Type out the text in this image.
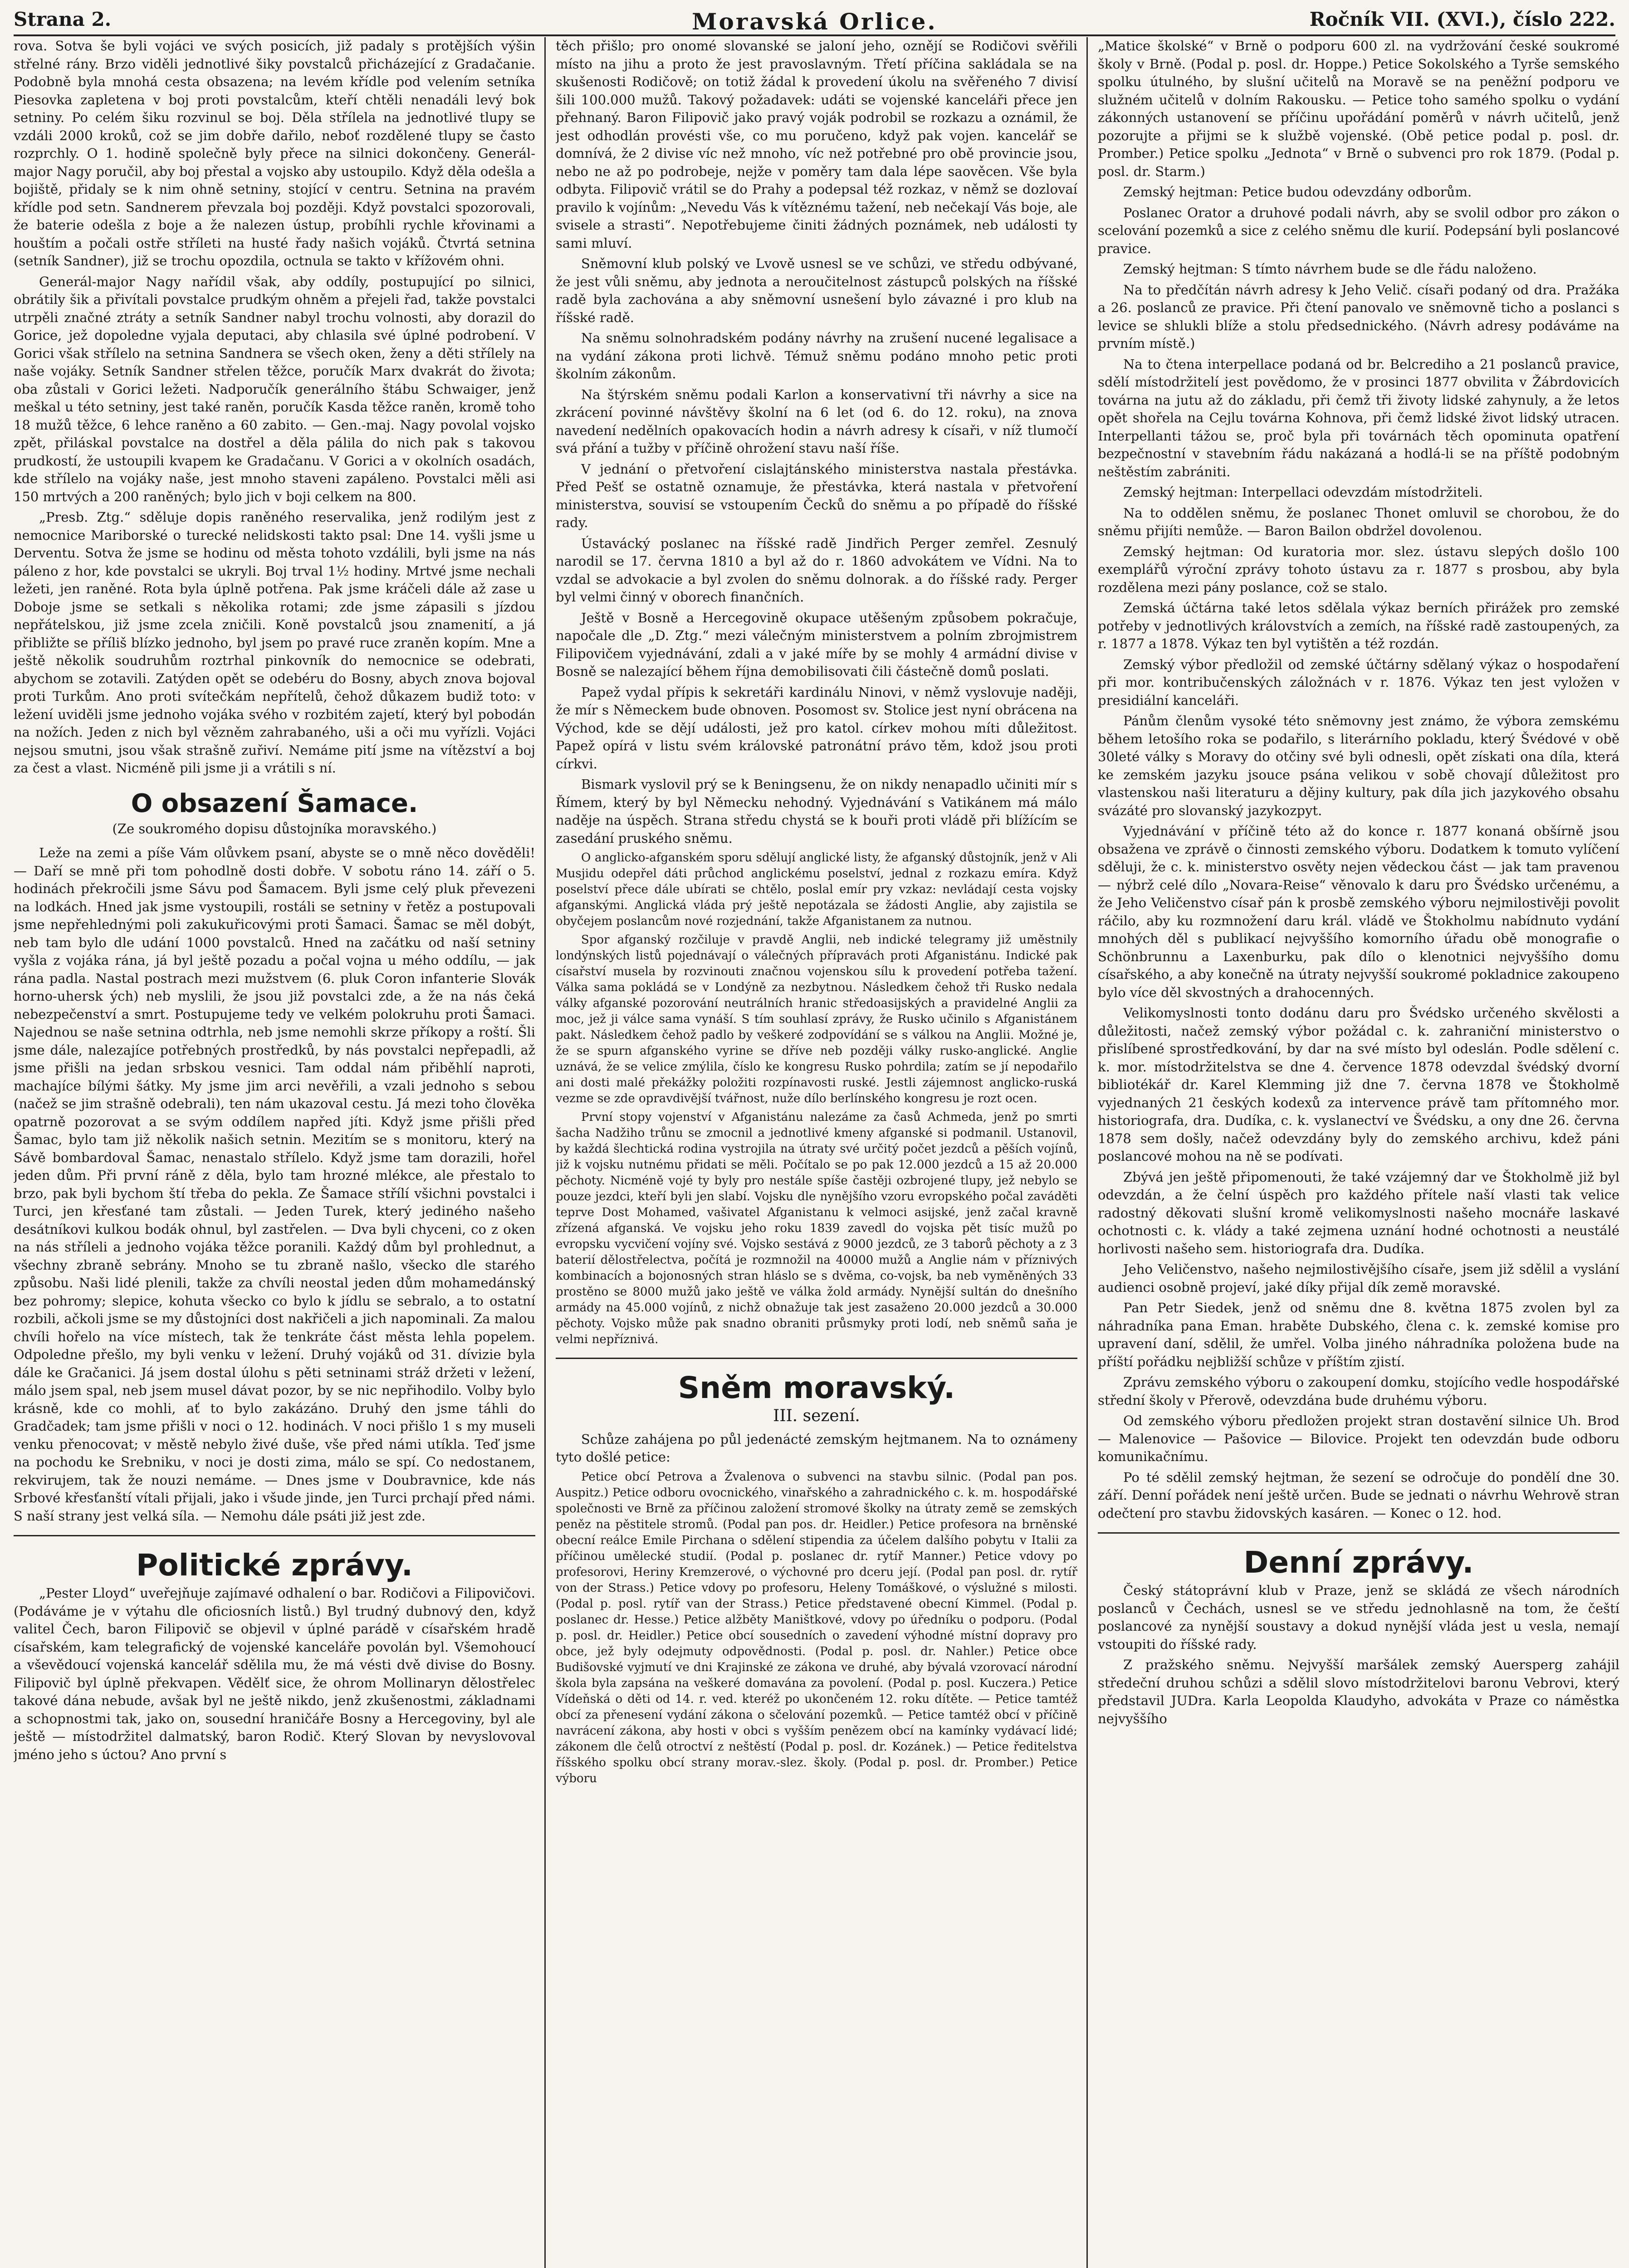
Strana 2.	Moravská Orlice.	Ročník VII. (XVI.), číslo 222.

rova. Sotva še byli vojáci ve svých posicích, již padaly s protějších výšin střelné rány. Brzo viděli jednotlivé šiky povstalců přicházející z Gradačanie. Podobně byla mnohá cesta obsazena; na levém křídle pod velením setníka Piesovka zapletena v boj proti povstalcům, kteří chtěli nenadáli levý bok setniny. Po celém šiku rozvinul se boj. Děla střílela na jednotlivé tlupy se vzdáli 2000 kroků, což se jim dobře dařilo, neboť rozdělené tlupy se často rozprchly. O 1. hodině společně byly přece na silnici dokončeny. Generál-major Nagy poručil, aby boj přestal a vojsko aby ustoupilo. Když děla odešla a bojiště, přidaly se k nim ohně setniny, stojící v centru. Setnina na pravém křídle pod setn. Sandnerem převzala boj později. Když povstalci spozorovali, že baterie odešla z boje a že nalezen ústup, probíhli rychle křovinami a houštím a počali ostře stříleti na husté řady našich vojáků. Čtvrtá setnina (setník Sandner), již se trochu opozdila, octnula se takto v křížovém ohni.

Generál-major Nagy nařídil však, aby oddíly, postupující po silnici, obrátily šik a přivítali povstalce prudkým ohněm a přejeli řad, takže povstalci utrpěli značné ztráty a setník Sandner nabyl trochu volnosti, aby dorazil do Gorice, jež dopoledne vyjala deputaci, aby chlasila své úplné podrobení. V Gorici však střílelo na setnina Sandnera se všech oken, ženy a děti střílely na naše vojáky. Setník Sandner střelen těžce, poručík Marx dvakrát do života; oba zůstali v Gorici ležeti. Nadporučík generálního štábu Schwaiger, jenž meškal u této setniny, jest také raněn, poručík Kasda těžce raněn, kromě toho 18 mužů těžce, 6 lehce raněno a 60 zabito. — Gen.-maj. Nagy povolal vojsko zpět, přiláskal povstalce na dostřel a děla pálila do nich pak s takovou prudkostí, že ustoupili kvapem ke Gradačanu. V Gorici a v okolních osadách, kde střílelo na vojáky naše, jest mnoho staveni zapáleno. Povstalci měli asi 150 mrtvých a 200 raněných; bylo jich v boji celkem na 800.

„Presb. Ztg.“ sděluje dopis raněného reservalika, jenž rodilým jest z nemocnice Mariborské o turecké nelidskosti takto psal: Dne 14. vyšli jsme u Derventu. Sotva že jsme se hodinu od města tohoto vzdálili, byli jsme na nás páleno z hor, kde povstalci se ukryli. Boj trval 1½ hodiny. Mrtvé jsme nechali ležeti, jen raněné. Rota byla úplně potřena. Pak jsme kráčeli dále až zase u Doboje jsme se setkali s několika rotami; zde jsme zápasili s jízdou nepřátelskou, již jsme zcela zničili. Koně povstalců jsou znamenití, a já přibližte se příliš blízko jednoho, byl jsem po pravé ruce zraněn kopím. Mne a ještě několik soudruhům roztrhal pinkovník do nemocnice se odebrati, abychom se zotavili. Zatýden opět se odebéru do Bosny, abych znova bojoval proti Turkům. Ano proti svítečkám nepřítelů, čehož důkazem budiž toto: v ležení uviděli jsme jednoho vojáka svého v rozbitém zajetí, který byl pobodán na nožích. Jeden z nich byl vězněm zahrabaného, uši a oči mu vyřízli. Vojáci nejsou smutni, jsou však strašně zuřiví. Nemáme pití jsme na vítězství a boj za čest a vlast. Nicméně pili jsme ji a vrátili s ní.

O obsazení Šamace.
(Ze soukromého dopisu důstojníka moravského.)

Leže na zemi a píše Vám olůvkem psaní, abyste se o mně něco dověděli! — Daří se mně při tom pohodlně dosti dobře. V sobotu ráno 14. září o 5. hodinách překročili jsme Sávu pod Šamacem. Byli jsme celý pluk převezeni na lodkách. Hned jak jsme vystoupili, rostáli se setniny v řetěz a postupovali jsme nepřehlednými poli zakukuřicovými proti Šamaci. Šamac se měl dobýt, neb tam bylo dle udání 1000 povstalců. Hned na začátku od naší setniny vyšla z vojáka rána, já byl ještě pozadu a počal vojna u mého oddílu, — jak rána padla. Nastal postrach mezi mužstvem (6. pluk Coron infanterie Slovák horno-uhersk ých) neb myslili, že jsou již povstalci zde, a že na nás čeká nebezpečenství a smrt. Postupujeme tedy ve velkém polokruhu proti Šamaci. Najednou se naše setnina odtrhla, neb jsme nemohli skrze příkopy a roští. Šli jsme dále, nalezajíce potřebných prostředků, by nás povstalci nepřepadli, až jsme přišli na jedan srbskou vesnici. Tam oddal nám přiběhlí naproti, machajíce bílými šátky. My jsme jim arci nevěřili, a vzali jednoho s sebou (načež se jim strašně odebrali), ten nám ukazoval cestu. Já mezi toho člověka opatrně pozorovat a se svým oddílem napřed jíti. Když jsme přišli před Šamac, bylo tam již několik našich setnin. Mezitím se s monitoru, který na Sávě bombardoval Šamac, nenastalo střílelo. Když jsme tam dorazili, hořel jeden dům. Při první ráně z děla, bylo tam hrozné mlékce, ale přestalo to brzo, pak byli bychom ští třeba do pekla. Ze Šamace střílí všichni povstalci i Turci, jen křesťané tam zůstali. — Jeden Turek, který jediného našeho desátníkovi kulkou bodák ohnul, byl zastřelen. — Dva byli chyceni, co z oken na nás stříleli a jednoho vojáka těžce poranili. Každý dům byl prohlednut, a všechny zbraně sebrány. Mnoho se tu zbraně našlo, všecko dle starého způsobu. Naši lidé plenili, takže za chvíli neostal jeden dům mohamedánský bez pohromy; slepice, kohuta všecko co bylo k jídlu se sebralo, a to ostatní rozbili, ačkoli jsme se my důstojníci dost nakřičeli a jich napominali. Za malou chvíli hořelo na více místech, tak že tenkráte část města lehla popelem. Odpoledne přešlo, my byli venku v ležení. Druhý vojáků od 31. dívizie byla dále ke Gračanici. Já jsem dostal úlohu s pěti setninami stráž držeti v ležení, málo jsem spal, neb jsem musel dávat pozor, by se nic nepřihodilo. Volby bylo krásně, kde co mohli, ať to bylo zakázáno. Druhý den jsme táhli do Gradčadek; tam jsme přišli v noci o 12. hodinách. V noci přišlo 1 s my museli venku přenocovat; v městě nebylo živé duše, vše před námi utíkla. Teď jsme na pochodu ke Srebniku, v noci je dosti zima, málo se spí. Co nedostanem, rekvirujem, tak že nouzi nemáme. — Dnes jsme v Doubravnice, kde nás Srbové křesťanští vítali přijali, jako i všude jinde, jen Turci prchají před námi. S naší strany jest velká síla. — Nemohu dále psáti již jest zde.

Politické zprávy.

„Pester Lloyd“ uveřejňuje zajímavé odhalení o bar. Rodičovi a Filipovičovi. (Podáváme je v výtahu dle oficiosních listů.) Byl trudný dubnový den, když valitel Čech, baron Filipovič se objevil v úplné parádě v císařském hradě císařském, kam telegrafický de vojenské kanceláře povolán byl. Všemohoucí a vševědoucí vojenská kancelář sdělila mu, že má vésti dvě divise do Bosny. Filipovič byl úplně překvapen. Vědělť sice, že ohrom Mollinaryn dělostřelec takové dána nebude, avšak byl ne ještě nikdo, jenž zkušenostmi, základnami a schopnostmi tak, jako on, sousední hraničáře Bosny a Hercegoviny, byl ale ještě — místodržitel dalmatský, baron Rodič. Který Slovan by nevyslovoval jméno jeho s úctou? Ano první s

těch přišlo; pro onomé slovanské se jaloní jeho, oznějí se Rodičovi svěřili místo na jihu a proto že jest pravoslavným. Třetí příčina sakládala se na skušenosti Rodičově; on totiž žádal k provedení úkolu na svěřeného 7 divisí šili 100.000 mužů. Takový požadavek: udáti se vojenské kanceláři přece jen přehnaný. Baron Filipovič jako pravý voják podrobil se rozkazu a oznámil, že jest odhodlán provésti vše, co mu poručeno, když pak vojen. kancelář se domnívá, že 2 divise víc než mnoho, víc než potřebné pro obě provincie jsou, nebo ne až po podrobeje, nejže v poměry tam dala lépe saověcen. Vše byla odbyta. Filipovič vrátil se do Prahy a podepsal též rozkaz, v němž se dozlovaí pravilo k vojínům: „Nevedu Vás k vítěznému tažení, neb nečekají Vás boje, ale svisele a strasti“. Nepotřebujeme činiti žádných poznámek, neb události ty sami mluví.

Sněmovní klub polský ve Lvově usnesl se ve schůzi, ve středu odbývané, že jest vůli sněmu, aby jednota a neroučitelnost zástupců polských na říšské radě byla zachována a aby sněmovní usnešení bylo závazné i pro klub na říšské radě.

Na sněmu solnohradském podány návrhy na zrušení nucené legalisace a na vydání zákona proti lichvě. Témuž sněmu podáno mnoho petic proti školním zákonům.

Na štýrském sněmu podali Karlon a konservativní tři návrhy a sice na zkrácení povinné návštěvy školní na 6 let (od 6. do 12. roku), na znova navedení nedělních opakovacích hodin a návrh adresy k císaři, v níž tlumočí svá přání a tužby v příčině ohrožení stavu naší říše.

V jednání o přetvoření cislajtánského ministerstva nastala přestávka. Před Pešť se ostatně oznamuje, že přestávka, která nastala v přetvoření ministerstva, souvisí se vstoupením Čecků do sněmu a po případě do říšské rady.

Ústavácký poslanec na říšské radě Jindřich Perger zemřel. Zesnulý narodil se 17. června 1810 a byl až do r. 1860 advokátem ve Vídni. Na to vzdal se advokacie a byl zvolen do sněmu dolnorak. a do říšské rady. Perger byl velmi činný v oborech finančních.

Ještě v Bosně a Hercegovině okupace utěšeným způsobem pokračuje, napočale dle „D. Ztg.“ mezi válečným ministerstvem a polním zbrojmistrem Filipovičem vyjednávání, zdali a v jaké míře by se mohly 4 armádní divise v Bosně se nalezající během října demobilisovati čili částečně domů poslati.

Papež vydal přípis k sekretáři kardinálu Ninovi, v němž vyslovuje naději, že mír s Německem bude obnoven. Posomost sv. Stolice jest nyní obrácena na Východ, kde se dějí události, jež pro katol. církev mohou míti důležitost. Papež opírá v listu svém královské patronátní právo těm, kdož jsou proti církvi.

Bismark vyslovil prý se k Beningsenu, že on nikdy nenapadlo učiniti mír s Římem, který by byl Německu nehodný. Vyjednávání s Vatikánem má málo naděje na úspěch. Strana středu chystá se k bouři proti vládě při blížícím se zasedání pruského sněmu.

O anglicko-afganském sporu sdělují anglické listy, že afganský důstojník, jenž v Ali Musjidu odepřel dáti průchod anglickému poselství, jednal z rozkazu emíra. Když poselství přece dále ubírati se chtělo, poslal emír pry vzkaz: nevládají cesta vojsky afganskými. Anglická vláda prý ještě nepotázala se žádosti Anglie, aby zajistila se obyčejem poslancům nové rozjednání, takže Afganistanem za nutnou.

Spor afganský rozčiluje v pravdě Anglii, neb indické telegramy již uměstnily londýnských listů pojednávají o válečných přípravách proti Afganistánu. Indické pak císařství musela by rozvinouti značnou vojenskou sílu k provedení potřeba tažení. Válka sama pokládá se v Londýně za nezbytnou. Následkem čehož tři Rusko nedala války afganské pozorování neutrálních hranic středoasijských a pravidelné Anglii za moc, jež ji válce sama vynáší. S tím souhlasí zprávy, že Rusko učinilo s Afganistánem pakt. Následkem čehož padlo by veškeré zodpovídání se s válkou na Anglii. Možné je, že se spurn afganského vyrine se dříve neb později války rusko-anglické. Anglie uznává, že se velice zmýlila, číslo ke kongresu Rusko pohrdila; zatím se jí nepodařilo ani dosti malé překážky položiti rozpínavosti ruské. Jestli zájemnost anglicko-ruská vezme se zde opravdivější tvářnost, nuže dílo berlínského kongresu je rozt ocen.

První stopy vojenství v Afganistánu nalezáme za časů Achmeda, jenž po smrti šacha Nadžiho trůnu se zmocnil a jednotlivé kmeny afganské si podmanil. Ustanovil, by každá šlechtická rodina vystrojila na útraty své určitý počet jezdců a pěších vojínů, již k vojsku nutnému přidati se měli. Počítalo se po pak 12.000 jezdců a 15 až 20.000 pěchoty. Nicméně vojé ty byly pro nestále spíše častěji ozbrojené tlupy, jež nebylo se pouze jezdci, kteří byli jen slabí. Vojsku dle nynějšího vzoru evropského počal zaváděti teprve Dost Mohamed, vašivatel Afganistanu k velmoci asijské, jenž začal kravně zřízená afganská. Ve vojsku jeho roku 1839 zavedl do vojska pět tisíc mužů po evropsku vycvičení vojíny své. Vojsko sestává z 9000 jezdců, ze 3 taborů pěchoty a z 3 baterií dělostřelectva, počítá je rozmnožil na 40000 mužů a Anglie nám v příznivých kombinacích a bojonosných stran hláslo se s dvěma, co-vojsk, ba neb vyměněných 33 prostěno se 8000 mužů jako ještě ve válka žold armády. Nynější sultán do dnešního armády na 45.000 vojínů, z nichž obnažuje tak jest zasaženo 20.000 jezdců a 30.000 pěchoty. Vojsko může pak snadno obraniti průsmyky proti lodí, neb sněmů saňa je velmi nepříznivá.

Sněm moravský.
III. sezení.

Schůze zahájena po půl jedenácté zemským hejtmanem. Na to oznámeny tyto došlé petice:

Petice obcí Petrova a Žvalenova o subvenci na stavbu silnic. (Podal pan pos. Auspitz.) Petice odboru ovocnického, vinařského a zahradnického c. k. m. hospodářské společnosti ve Brně za příčinou založení stromové školky na útraty země se zemských peněz na pěstitele stromů. (Podal pan pos. dr. Heidler.) Petice profesora na brněnské obecní reálce Emile Pirchana o sdělení stipendia za účelem dalšího pobytu v Italii za příčinou umělecké studií. (Podal p. poslanec dr. rytíř Manner.) Petice vdovy po profesorovi, Heriny Kremzerové, o výchovné pro dceru její. (Podal pan posl. dr. rytíř von der Strass.) Petice vdovy po profesoru, Heleny Tomáškové, o výslužné s milosti. (Podal p. posl. rytíř van der Strass.) Petice představené obecní Kimmel. (Podal p. poslanec dr. Hesse.) Petice alžběty Maništkové, vdovy po úředníku o podporu. (Podal p. posl. dr. Heidler.) Petice obcí sousedních o zavedení výhodné místní dopravy pro obce, jež byly odejmuty odpovědnosti. (Podal p. posl. dr. Nahler.) Petice obce Budišovské vyjmutí ve dni Krajinské ze zákona ve druhé, aby bývalá vzorovací národní škola byla zapsána na veškeré domavána za povolení. (Podal p. posl. Kuczera.) Petice Vídeňská o děti od 14. r. ved. kteréž po ukončeném 12. roku dítěte. — Petice tamtéž obcí za přenesení vydání zákona o sčelování pozemků. — Petice tamtéž obcí v příčině navrácení zákona, aby hosti v obci s vyšším penězem obcí na kamínky vydávací lidé; zákonem dle čelů otroctví z neštěstí (Podal p. posl. dr. Kozánek.) — Petice ředitelstva říšského spolku obcí strany morav.-slez. školy. (Podal p. posl. dr. Promber.) Petice výboru

„Matice školské“ v Brně o podporu 600 zl. na vydržování české soukromé školy v Brně. (Podal p. posl. dr. Hoppe.) Petice Sokolského a Tyrše semského spolku útulného, by slušní učitelů na Moravě se na peněžní podporu ve služném učitelů v dolním Rakousku. — Petice toho samého spolku o vydání zákonných ustanovení se příčinu upořádání poměrů v návrh učitelů, jenž pozorujte a přijmi se k službě vojenské. (Obě petice podal p. posl. dr. Promber.) Petice spolku „Jednota“ v Brně o subvenci pro rok 1879. (Podal p. posl. dr. Starm.)

Zemský hejtman: Petice budou odevzdány odborům.

Poslanec Orator a druhové podali návrh, aby se svolil odbor pro zákon o scelování pozemků a sice z celého sněmu dle kurií. Podepsání byli poslancové pravice.

Zemský hejtman: S tímto návrhem bude se dle řádu naloženo.

Na to předčítán návrh adresy k Jeho Velič. císaři podaný od dra. Pražáka a 26. poslanců ze pravice. Při čtení panovalo ve sněmovně ticho a poslanci s levice se shlukli blíže a stolu předsednického. (Návrh adresy podáváme na prvním místě.)

Na to čtena interpellace podaná od br. Belcrediho a 21 poslanců pravice, sdělí místodržitelí jest povědomo, že v prosinci 1877 obvilita v Žábrdovicích továrna na jutu až do základu, při čemž tři životy lidské zahynuly, a že letos opět shořela na Cejlu továrna Kohnova, při čemž lidské život lidský utracen. Interpellanti tážou se, proč byla při továrnách těch opominuta opatření bezpečnostní v stavebním řádu nakázaná a hodlá-li se na příště podobným neštěstím zabrániti.

Zemský hejtman: Interpellaci odevzdám místodržiteli.

Na to oddělen sněmu, že poslanec Thonet omluvil se chorobou, že do sněmu přijíti nemůže. — Baron Bailon obdržel dovolenou.

Zemský hejtman: Od kuratoria mor. slez. ústavu slepých došlo 100 exemplářů výroční zprávy tohoto ústavu za r. 1877 s prosbou, aby byla rozdělena mezi pány poslance, což se stalo.

Zemská účtárna také letos sdělala výkaz berních přirážek pro zemské potřeby v jednotlivých královstvích a zemích, na říšské radě zastoupených, za r. 1877 a 1878. Výkaz ten byl vytištěn a též rozdán.

Zemský výbor předložil od zemské účtárny sdělaný výkaz o hospodaření při mor. kontribučenských záložnách v r. 1876. Výkaz ten jest vyložen v presidiální kanceláři.

Pánům členům vysoké této sněmovny jest známo, že výbora zemskému během letošího roka se podařilo, s literárního pokladu, který Švédové v obě 30leté války s Moravy do otčiny své byli odnesli, opět získati ona díla, která ke zemském jazyku jsouce psána velikou v sobě chovají důležitost pro vlastenskou naši literaturu a dějiny kultury, pak díla jich jazykového obsahu svázáté pro slovanský jazykozpyt.

Vyjednávání v příčině této až do konce r. 1877 konaná obšírně jsou obsažena ve zprávě o činnosti zemského výboru. Dodatkem k tomuto vylíčení sděluji, že c. k. ministerstvo osvěty nejen vědeckou část — jak tam pravenou — nýbrž celé dílo „Novara-Reise“ věnovalo k daru pro Švédsko určenému, a že Jeho Veličenstvo císař pán k prosbě zemského výboru nejmilostivěji povolit ráčilo, aby ku rozmnožení daru král. vládě ve Štokholmu nabídnuto vydání mnohých děl s publikací nejvyššího komorního úřadu obě monografie o Schönbrunnu a Laxenburku, pak dílo o klenotnici nejvyššího domu císařského, a aby konečně na útraty nejvyšší soukromé pokladnice zakoupeno bylo více děl skvostných a drahocenných.

Velikomyslnosti tonto dodánu daru pro Švédsko určeného skvělosti a důležitosti, načež zemský výbor požádal c. k. zahraniční ministerstvo o přislíbené sprostředkování, by dar na své místo byl odeslán. Podle sdělení c. k. mor. místodržitelstva se dne 4. července 1878 odevzdal švédský dvorní bibliotékář dr. Karel Klemming již dne 7. června 1878 ve Štokholmě vyjednaných 21 českých kodexů za intervence právě tam přítomného mor. historiografa, dra. Dudíka, c. k. vyslanectví ve Švédsku, a ony dne 26. června 1878 sem došly, načež odevzdány byly do zemského archivu, kdež páni poslancové mohou na ně se podívati.

Zbývá jen ještě připomenouti, že také vzájemný dar ve Štokholmě již byl odevzdán, a že čelní úspěch pro každého přítele naší vlasti tak velice radostný děkovati slušní kromě velikomyslnosti našeho mocnáře laskavé ochotnosti c. k. vlády a také zejmena uznání hodné ochotnosti a neustálé horlivosti našeho sem. historiografa dra. Dudíka.

Jeho Veličenstvo, našeho nejmilostivějšího císaře, jsem již sdělil a vyslání audienci osobně projeví, jaké díky přijal dík země moravské.

Pan Petr Siedek, jenž od sněmu dne 8. května 1875 zvolen byl za náhradníka pana Eman. hraběte Dubského, člena c. k. zemské komise pro upravení daní, sdělil, že umřel. Volba jiného náhradníka položena bude na příští pořádku nejbližší schůze v příštím zjistí.

Zprávu zemského výboru o zakoupení domku, stojícího vedle hospodářské střední školy v Přerově, odevzdána bude druhému výboru.

Od zemského výboru předložen projekt stran dostavění silnice Uh. Brod — Malenovice — Pašovice — Bilovice. Projekt ten odevzdán bude odboru komunikačnímu.

Po té sdělil zemský hejtman, že sezení se odročuje do pondělí dne 30. září. Denní pořádek není ještě určen. Bude se jednati o návrhu Wehrově stran odečtení pro stavbu židovských kasáren. — Konec o 12. hod.

Denní zprávy.

Český státoprávní klub v Praze, jenž se skládá ze všech národních poslanců v Čechách, usnesl se ve středu jednohlasně na tom, že čeští poslancové za nynější soustavy a dokud nynější vláda jest u vesla, nemají vstoupiti do říšské rady.

Z pražského sněmu. Nejvyšší maršálek zemský Auersperg zahájil středeční druhou schůzi a sdělil slovo místodržitelovi baronu Vebrovi, který představil JUDra. Karla Leopolda Klaudyho, advokáta v Praze co náměstka nejvyššího
